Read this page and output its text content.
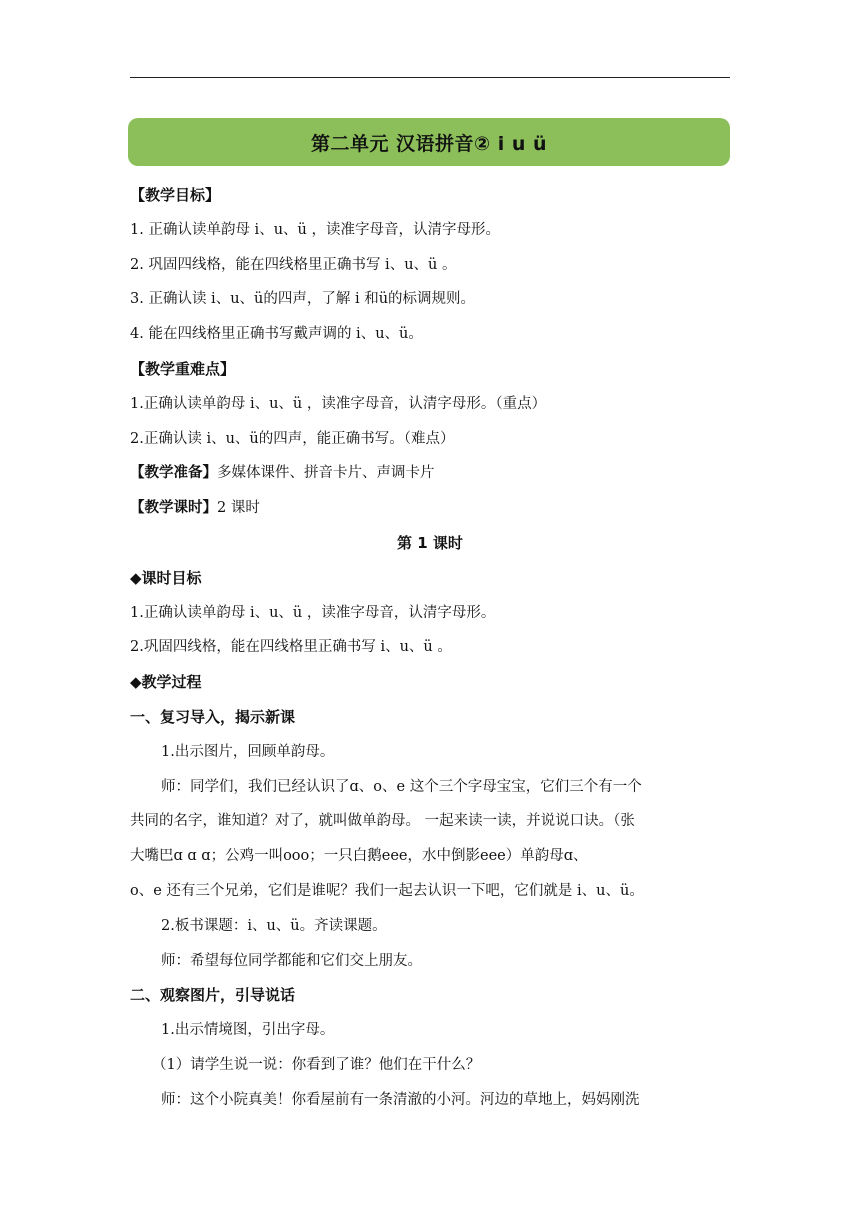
第二单元 汉语拼音② i u ü
【教学目标】
1. 正确认读单韵母 i、u、ü ，读准字母音，认清字母形。
2. 巩固四线格，能在四线格里正确书写 i、u、ü 。
3. 正确认读 i、u、ü的四声，了解 i 和ü的标调规则。
4. 能在四线格里正确书写戴声调的 i、u、ü。
【教学重难点】
1.正确认读单韵母 i、u、ü ，读准字母音，认清字母形。（重点）
2.正确认读 i、u、ü的四声，能正确书写。（难点）
【教学准备】多媒体课件、拼音卡片、声调卡片
【教学课时】2 课时
第 1 课时
◆课时目标
1.正确认读单韵母 i、u、ü ，读准字母音，认清字母形。
2.巩固四线格，能在四线格里正确书写 i、u、ü 。
◆教学过程
一、复习导入，揭示新课
1.出示图片，回顾单韵母。
师：同学们，我们已经认识了ɑ、o、e 这个三个字母宝宝，它们三个有一个
共同的名字，谁知道？对了，就叫做单韵母。 一起来读一读，并说说口诀。（张
大嘴巴ɑ ɑ ɑ；公鸡一叫ooo；一只白鹅eee，水中倒影eee）单韵母ɑ、
o、e 还有三个兄弟，它们是谁呢？我们一起去认识一下吧，它们就是 i、u、ü。
2.板书课题：i、u、ü。齐读课题。
师：希望每位同学都能和它们交上朋友。
二、观察图片，引导说话
1.出示情境图，引出字母。
（1）请学生说一说：你看到了谁？他们在干什么？
师：这个小院真美！你看屋前有一条清澈的小河。河边的草地上，妈妈刚洗
